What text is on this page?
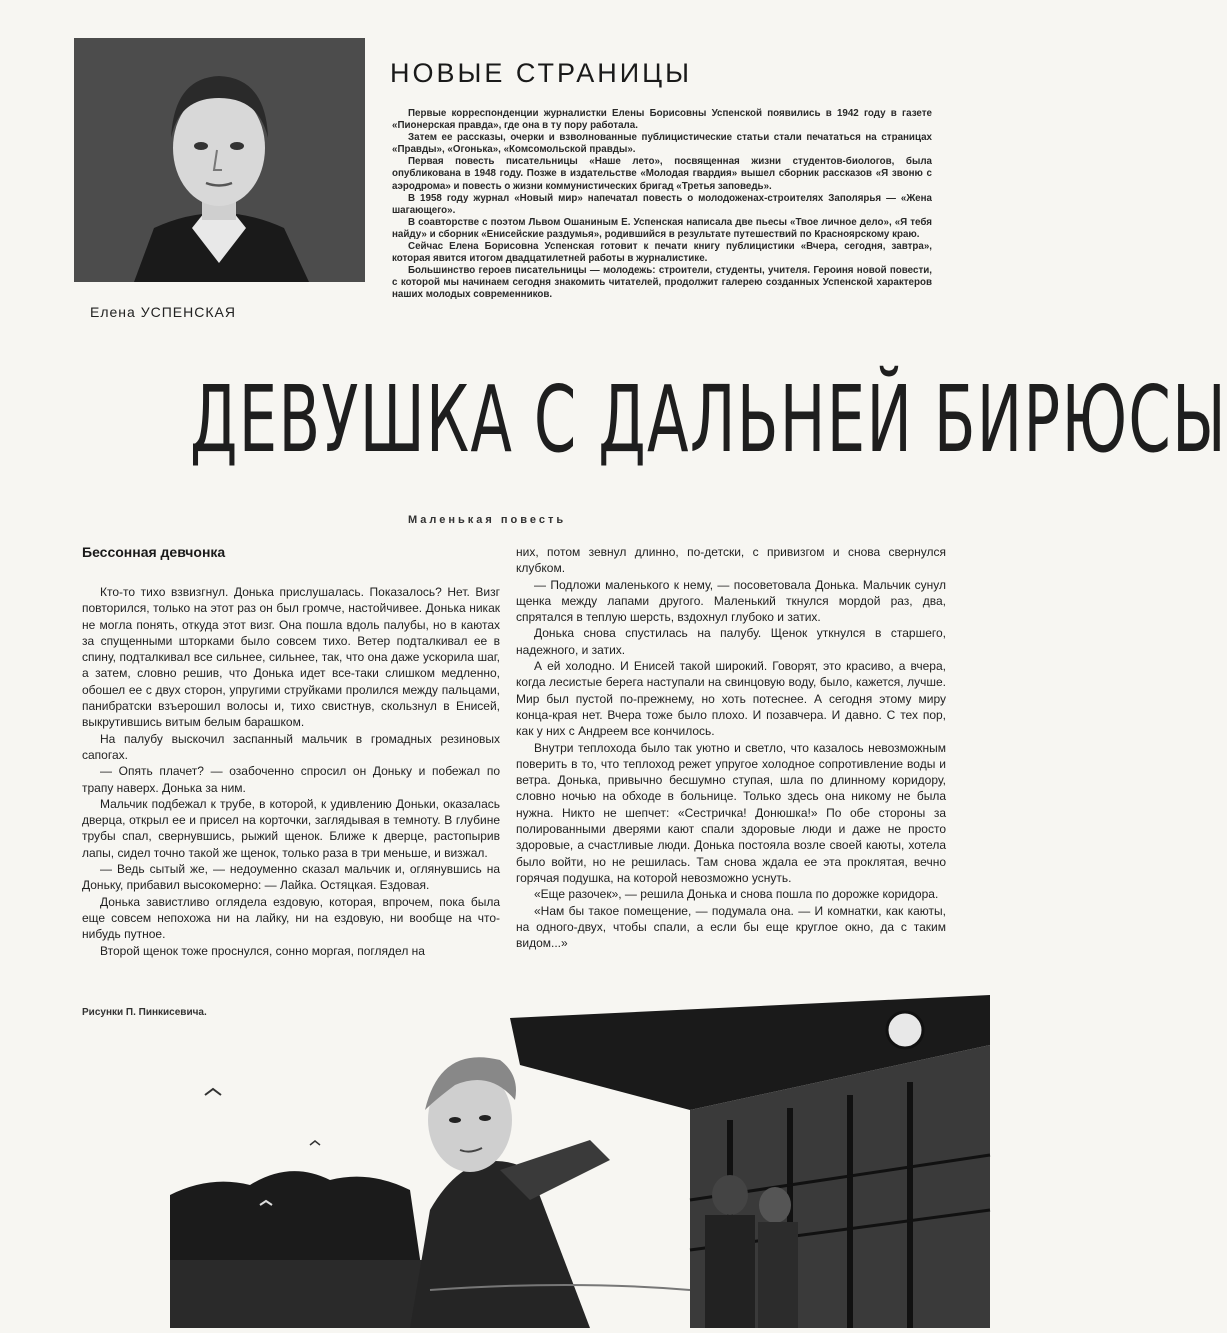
Елена УСПЕНСКАЯ
НОВЫЕ СТРАНИЦЫ

Первые корреспонденции журналистки Елены Борисовны Успенской появились в 1942 году в газете «Пионерская правда», где она в ту пору работала.

Затем ее рассказы, очерки и взволнованные публицистические статьи стали печататься на страницах «Правды», «Огонька», «Комсомольской правды».

Первая повесть писательницы «Наше лето», посвященная жизни студентов-биологов, была опубликована в 1948 году. Позже в издательстве «Молодая гвардия» вышел сборник рассказов «Я звоню с аэродрома» и повесть о жизни коммунистических бригад «Третья заповедь».

В 1958 году журнал «Новый мир» напечатал повесть о молодоженах-строителях Заполярья — «Жена шагающего».

В соавторстве с поэтом Львом Ошаниным Е. Успенская написала две пьесы «Твое личное дело», «Я тебя найду» и сборник «Енисейские раздумья», родившийся в результате путешествий по Красноярскому краю.

Сейчас Елена Борисовна Успенская готовит к печати книгу публицистики «Вчера, сегодня, завтра», которая явится итогом двадцатилетней работы в журналистике.

Большинство героев писательницы — молодежь: строители, студенты, учителя. Героиня новой повести, с которой мы начинаем сегодня знакомить читателей, продолжит галерею созданных Успенской характеров наших молодых современников.

ДЕВУШКА С ДАЛЬНЕЙ БИРЮСЫ
Маленькая повесть
Бессонная девчонка

Кто-то тихо взвизгнул. Донька прислушалась. Показалось? Нет. Визг повторился, только на этот раз он был громче, настойчивее. Донька никак не могла понять, откуда этот визг. Она пошла вдоль палубы, но в каютах за спущенными шторками было совсем тихо. Ветер подталкивал ее в спину, подталкивал все сильнее, сильнее, так, что она даже ускорила шаг, а затем, словно решив, что Донька идет все-таки слишком медленно, обошел ее с двух сторон, упругими струйками пролился между пальцами, панибратски взъерошил волосы и, тихо свистнув, скользнул в Енисей, выкрутившись витым белым барашком.

На палубу выскочил заспанный мальчик в громадных резиновых сапогах.

— Опять плачет? — озабоченно спросил он Доньку и побежал по трапу наверх. Донька за ним.

Мальчик подбежал к трубе, в которой, к удивлению Доньки, оказалась дверца, открыл ее и присел на корточки, заглядывая в темноту. В глубине трубы спал, свернувшись, рыжий щенок. Ближе к дверце, растопырив лапы, сидел точно такой же щенок, только раза в три меньше, и визжал.

— Ведь сытый же, — недоуменно сказал мальчик и, оглянувшись на Доньку, прибавил высокомерно: — Лайка. Остяцкая. Ездовая.

Донька завистливо оглядела ездовую, которая, впрочем, пока была еще совсем непохожа ни на лайку, ни на ездовую, ни вообще на что-нибудь путное.

Второй щенок тоже проснулся, сонно моргая, поглядел на

них, потом зевнул длинно, по-детски, с привизгом и снова свернулся клубком.

— Подложи маленького к нему, — посоветовала Донька. Мальчик сунул щенка между лапами другого. Маленький ткнулся мордой раз, два, спрятался в теплую шерсть, вздохнул глубоко и затих.

Донька снова спустилась на палубу. Щенок уткнулся в старшего, надежного, и затих.

А ей холодно. И Енисей такой широкий. Говорят, это красиво, а вчера, когда лесистые берега наступали на свинцовую воду, было, кажется, лучше. Мир был пустой по-прежнему, но хоть потеснее. А сегодня этому миру конца-края нет. Вчера тоже было плохо. И позавчера. И давно. С тех пор, как у них с Андреем все кончилось.

Внутри теплохода было так уютно и светло, что казалось невозможным поверить в то, что теплоход режет упругое холодное сопротивление воды и ветра. Донька, привычно бесшумно ступая, шла по длинному коридору, словно ночью на обходе в больнице. Только здесь она никому не была нужна. Никто не шепчет: «Сестричка! Донюшка!» По обе стороны за полированными дверями кают спали здоровые люди и даже не просто здоровые, а счастливые люди. Донька постояла возле своей каюты, хотела было войти, но не решилась. Там снова ждала ее эта проклятая, вечно горячая подушка, на которой невозможно уснуть.

«Еще разочек», — решила Донька и снова пошла по дорожке коридора.

«Нам бы такое помещение, — подумала она. — И комнатки, как каюты, на одного-двух, чтобы спали, а если бы еще круглое окно, да с таким видом...»

Рисунки П. Пинкисевича.
